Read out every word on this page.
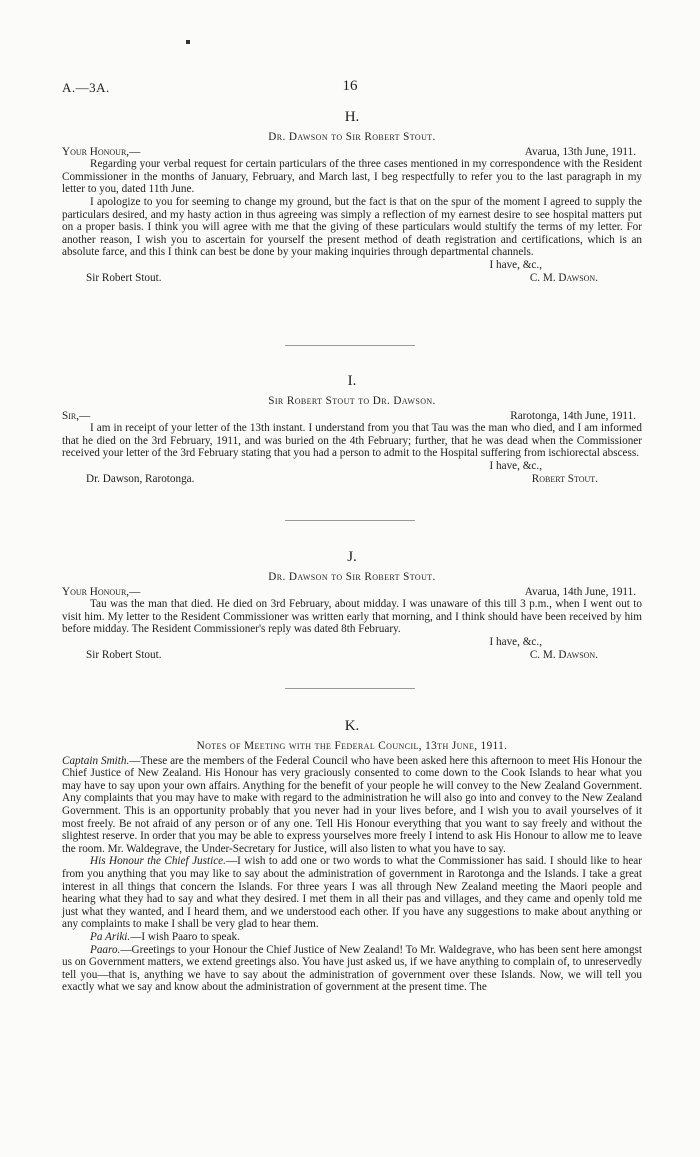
A.—3A.	16
H.
Dr. Dawson to Sir Robert Stout.
Your Honour,—	Avarua, 13th June, 1911.

Regarding your verbal request for certain particulars of the three cases mentioned in my correspondence with the Resident Commissioner in the months of January, February, and March last, I beg respectfully to refer you to the last paragraph in my letter to you, dated 11th June.

I apologize to you for seeming to change my ground, but the fact is that on the spur of the moment I agreed to supply the particulars desired, and my hasty action in thus agreeing was simply a reflection of my earnest desire to see hospital matters put on a proper basis. I think you will agree with me that the giving of these particulars would stultify the terms of my letter. For another reason, I wish you to ascertain for yourself the present method of death registration and certifications, which is an absolute farce, and this I think can best be done by your making inquiries through departmental channels.

I have, &c.,
Sir Robert Stout.	C. M. Dawson.
I.
Sir Robert Stout to Dr. Dawson.
Sir,—	Rarotonga, 14th June, 1911.

I am in receipt of your letter of the 13th instant. I understand from you that Tau was the man who died, and I am informed that he died on the 3rd February, 1911, and was buried on the 4th February; further, that he was dead when the Commissioner received your letter of the 3rd February stating that you had a person to admit to the Hospital suffering from ischiorectal abscess.

I have, &c.,
Dr. Dawson, Rarotonga.	Robert Stout.
J.
Dr. Dawson to Sir Robert Stout.
Your Honour,—	Avarua, 14th June, 1911.

Tau was the man that died. He died on 3rd February, about midday. I was unaware of this till 3 p.m., when I went out to visit him. My letter to the Resident Commissioner was written early that morning, and I think should have been received by him before midday. The Resident Commissioner's reply was dated 8th February.

I have, &c.,
Sir Robert Stout.	C. M. Dawson.
K.
Notes of Meeting with the Federal Council, 13th June, 1911.

Captain Smith.—These are the members of the Federal Council who have been asked here this afternoon to meet His Honour the Chief Justice of New Zealand. His Honour has very graciously consented to come down to the Cook Islands to hear what you may have to say upon your own affairs. Anything for the benefit of your people he will convey to the New Zealand Government. Any complaints that you may have to make with regard to the administration he will also go into and convey to the New Zealand Government. This is an opportunity probably that you never had in your lives before, and I wish you to avail yourselves of it most freely. Be not afraid of any person or of any one. Tell His Honour everything that you want to say freely and without the slightest reserve. In order that you may be able to express yourselves more freely I intend to ask His Honour to allow me to leave the room. Mr. Waldegrave, the Under-Secretary for Justice, will also listen to what you have to say.

His Honour the Chief Justice.—I wish to add one or two words to what the Commissioner has said. I should like to hear from you anything that you may like to say about the administration of government in Rarotonga and the Islands. I take a great interest in all things that concern the Islands. For three years I was all through New Zealand meeting the Maori people and hearing what they had to say and what they desired. I met them in all their pas and villages, and they came and openly told me just what they wanted, and I heard them, and we understood each other. If you have any suggestions to make about anything or any complaints to make I shall be very glad to hear them.

Pa Ariki.—I wish Paaro to speak.

Paaro.—Greetings to your Honour the Chief Justice of New Zealand! To Mr. Waldegrave, who has been sent here amongst us on Government matters, we extend greetings also. You have just asked us, if we have anything to complain of, to unreservedly tell you—that is, anything we have to say about the administration of government over these Islands. Now, we will tell you exactly what we say and know about the administration of government at the present time. The
